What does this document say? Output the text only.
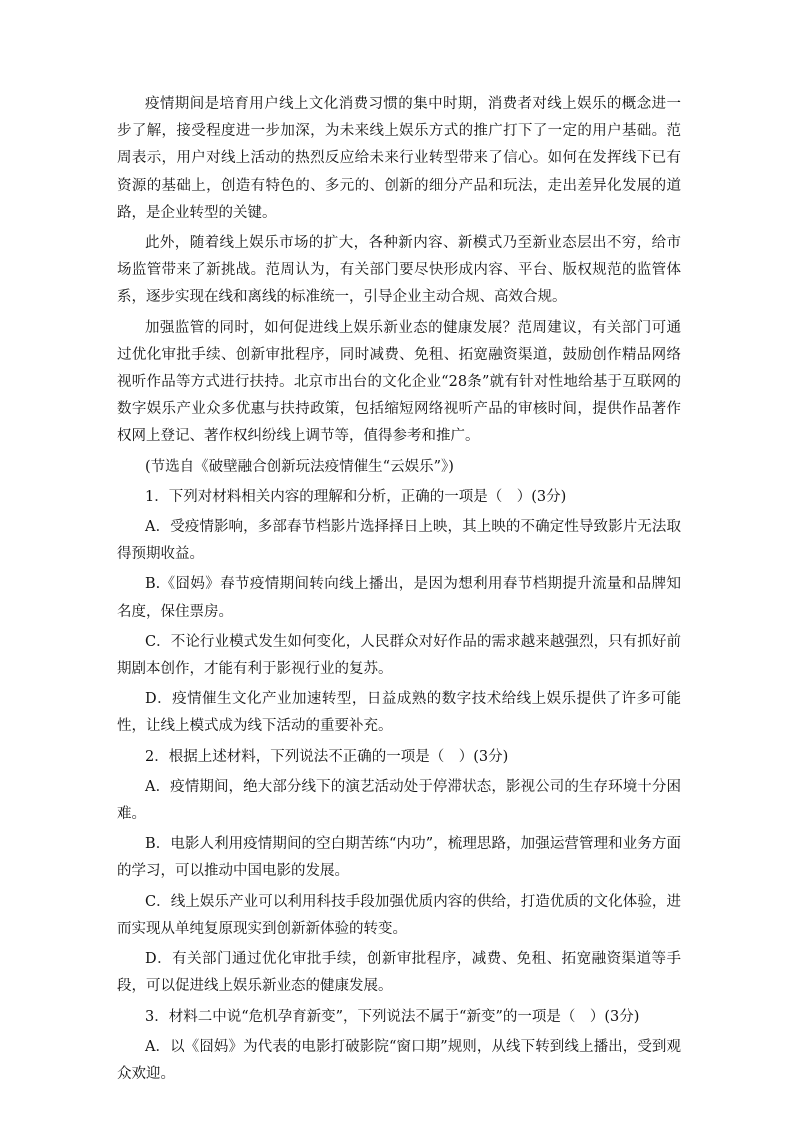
疫情期间是培育用户线上文化消费习惯的集中时期，消费者对线上娱乐的概念进一步了解，接受程度进一步加深，为未来线上娱乐方式的推广打下了一定的用户基础。范周表示，用户对线上活动的热烈反应给未来行业转型带来了信心。如何在发挥线下已有资源的基础上，创造有特色的、多元的、创新的细分产品和玩法，走出差异化发展的道路，是企业转型的关键。

此外，随着线上娱乐市场的扩大，各种新内容、新模式乃至新业态层出不穷，给市场监管带来了新挑战。范周认为，有关部门要尽快形成内容、平台、版权规范的监管体系，逐步实现在线和离线的标准统一，引导企业主动合规、高效合规。

加强监管的同时，如何促进线上娱乐新业态的健康发展？范周建议，有关部门可通过优化审批手续、创新审批程序，同时减费、免租、拓宽融资渠道，鼓励创作精品网络视听作品等方式进行扶持。北京市出台的文化企业“28条”就有针对性地给基于互联网的数字娱乐产业众多优惠与扶持政策，包括缩短网络视听产品的审核时间，提供作品著作权网上登记、著作权纠纷线上调节等，值得参考和推广。

(节选自《破壁融合创新玩法疫情催生“云娱乐”》)

1．下列对材料相关内容的理解和分析，正确的一项是（　）(3分)

A．受疫情影响，多部春节档影片选择择日上映，其上映的不确定性导致影片无法取得预期收益。

B.《囧妈》春节疫情期间转向线上播出，是因为想利用春节档期提升流量和品牌知名度，保住票房。

C．不论行业模式发生如何变化，人民群众对好作品的需求越来越强烈，只有抓好前期剧本创作，才能有利于影视行业的复苏。

D．疫情催生文化产业加速转型，日益成熟的数字技术给线上娱乐提供了许多可能性，让线上模式成为线下活动的重要补充。

2．根据上述材料，下列说法不正确的一项是（　）(3分)

A．疫情期间，绝大部分线下的演艺活动处于停滞状态，影视公司的生存环境十分困难。

B．电影人利用疫情期间的空白期苦练“内功”，梳理思路，加强运营管理和业务方面的学习，可以推动中国电影的发展。

C．线上娱乐产业可以利用科技手段加强优质内容的供给，打造优质的文化体验，进而实现从单纯复原现实到创新新体验的转变。

D．有关部门通过优化审批手续，创新审批程序，减费、免租、拓宽融资渠道等手段，可以促进线上娱乐新业态的健康发展。

3．材料二中说“危机孕育新变”，下列说法不属于“新变”的一项是（　）(3分)

A．以《囧妈》为代表的电影打破影院“窗口期”规则，从线下转到线上播出，受到观众欢迎。
